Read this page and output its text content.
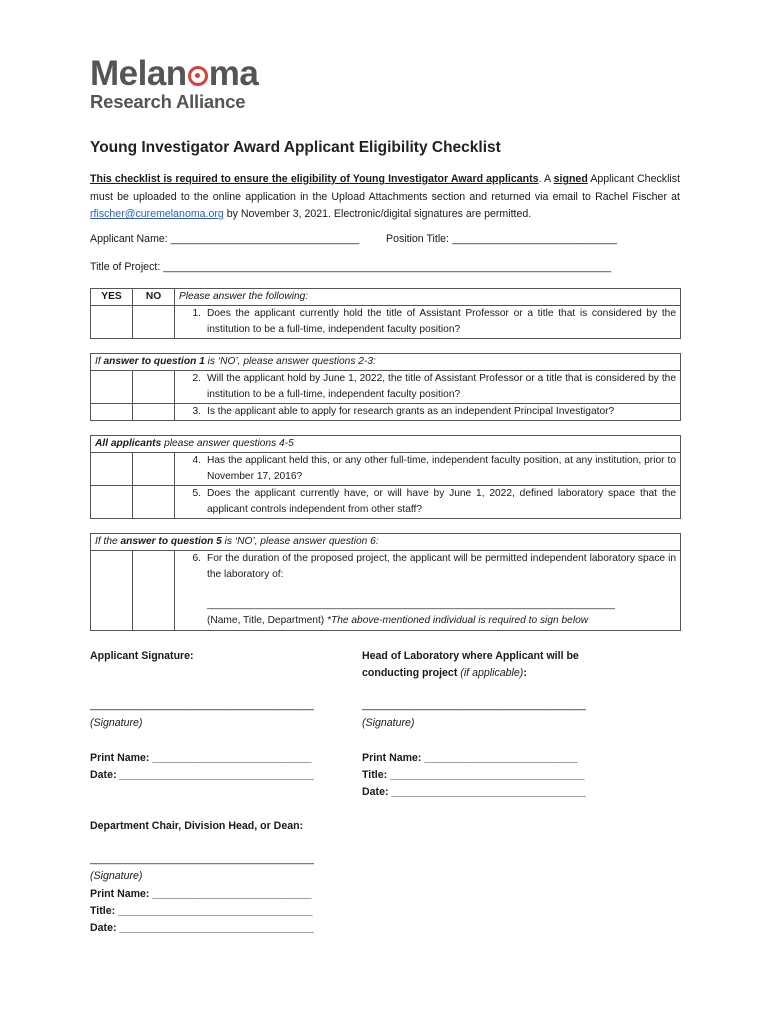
Melan ma
Research Alliance
Young Investigator Award Applicant Eligibility Checklist
This checklist is required to ensure the eligibility of Young Investigator Award applicants. A signed Applicant Checklist must be uploaded to the online application in the Upload Attachments section and returned via email to Rachel Fischer at rfischer@curemelanoma.org by November 3, 2021. Electronic/digital signatures are permitted.
Applicant Name: ________________________________	Position Title: ____________________________
Title of Project: ____________________________________________________________________________
YES	NO	Please answer the following:

		1. Does the applicant currently hold the title of Assistant Professor or a title that is considered by the institution to be a full-time, independent faculty position?
If answer to question 1 is ‘NO’, please answer questions 2-3:		

		2. Will the applicant hold by June 1, 2022, the title of Assistant Professor or a title that is considered by the institution to be a full-time, independent faculty position?

		3. Is the applicant able to apply for research grants as an independent Principal Investigator?
All applicants please answer questions 4-5		

		4. Has the applicant held this, or any other full-time, independent faculty position, at any institution, prior to November 17, 2016?

		5. Does the applicant currently have, or will have by June 1, 2022, defined laboratory space that the applicant controls independent from other staff?
If the answer to question 5 is ‘NO’, please answer question 6:

6. For the duration of the proposed project, the applicant will be permitted independent laboratory space in the laboratory of:
________________________________________________________________________
(Name, Title, Department) *The above-mentioned individual is required to sign below
Applicant Signature:	Head of Laboratory where Applicant will be conducting project (if applicable):
______________________________________
(Signature)
______________________________________
(Signature)
Print Name: ___________________________
Date: _________________________________
Print Name: __________________________
Title: _________________________________
Date: _________________________________
Department Chair, Division Head, or Dean:
______________________________________
(Signature)
Print Name: ___________________________
Title: _________________________________
Date: _________________________________
